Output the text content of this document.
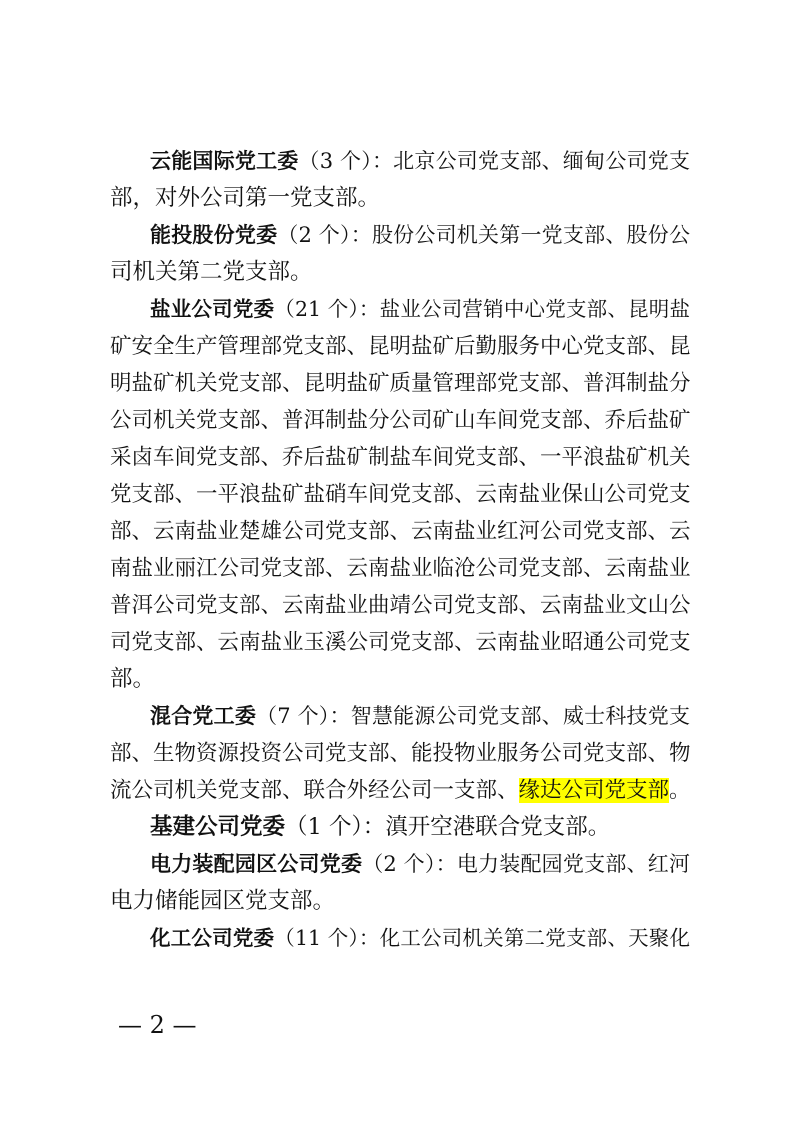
云能国际党工委（3 个）：北京公司党支部、缅甸公司党支
部，对外公司第一党支部。
能投股份党委（2 个）：股份公司机关第一党支部、股份公
司机关第二党支部。
盐业公司党委（21 个）：盐业公司营销中心党支部、昆明盐
矿安全生产管理部党支部、昆明盐矿后勤服务中心党支部、昆
明盐矿机关党支部、昆明盐矿质量管理部党支部、普洱制盐分
公司机关党支部、普洱制盐分公司矿山车间党支部、乔后盐矿
采卤车间党支部、乔后盐矿制盐车间党支部、一平浪盐矿机关
党支部、一平浪盐矿盐硝车间党支部、云南盐业保山公司党支
部、云南盐业楚雄公司党支部、云南盐业红河公司党支部、云
南盐业丽江公司党支部、云南盐业临沧公司党支部、云南盐业
普洱公司党支部、云南盐业曲靖公司党支部、云南盐业文山公
司党支部、云南盐业玉溪公司党支部、云南盐业昭通公司党支
部。
混合党工委（7 个）：智慧能源公司党支部、威士科技党支
部、生物资源投资公司党支部、能投物业服务公司党支部、物
流公司机关党支部、联合外经公司一支部、缘达公司党支部。
基建公司党委（1 个）：滇开空港联合党支部。
电力装配园区公司党委（2 个）：电力装配园党支部、红河
电力储能园区党支部。
化工公司党委（11 个）：化工公司机关第二党支部、天聚化
— 2 —
